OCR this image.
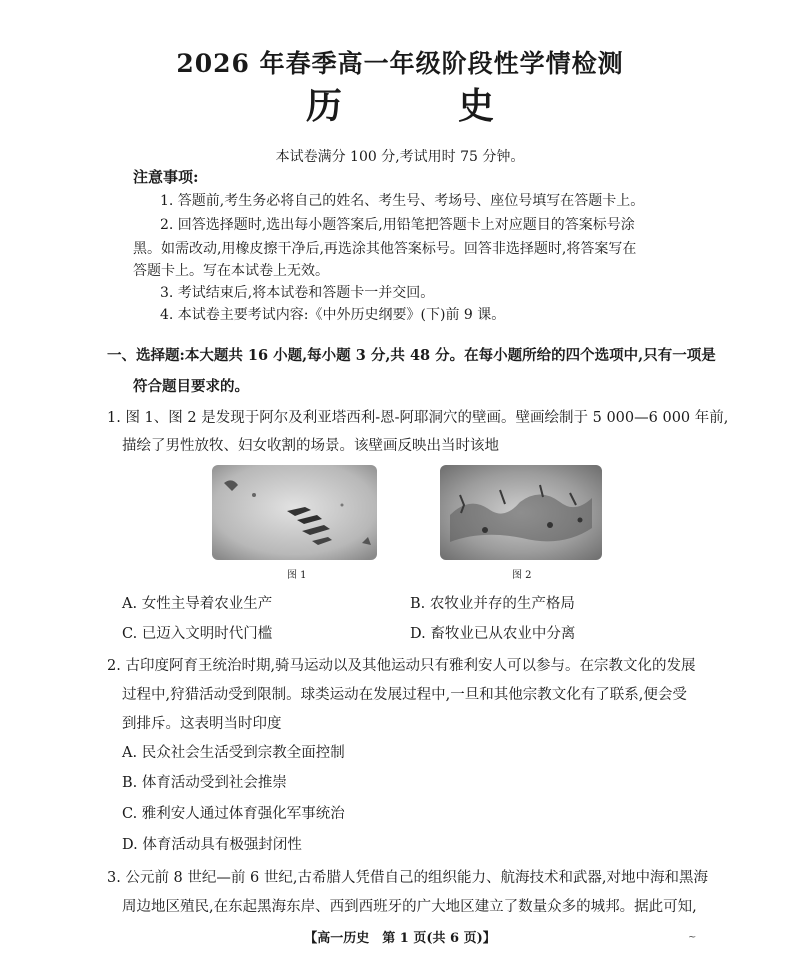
2026 年春季高一年级阶段性学情检测
历　史
本试卷满分 100 分,考试用时 75 分钟。
注意事项:
1. 答题前,考生务必将自己的姓名、考生号、考场号、座位号填写在答题卡上。
2. 回答选择题时,选出每小题答案后,用铅笔把答题卡上对应题目的答案标号涂
黑。如需改动,用橡皮擦干净后,再选涂其他答案标号。回答非选择题时,将答案写在
答题卡上。写在本试卷上无效。
3. 考试结束后,将本试卷和答题卡一并交回。
4. 本试卷主要考试内容:《中外历史纲要》(下)前 9 课。
一、选择题:本大题共 16 小题,每小题 3 分,共 48 分。在每小题所给的四个选项中,只有一项是
符合题目要求的。
1. 图 1、图 2 是发现于阿尔及利亚塔西利-恩-阿耶洞穴的壁画。壁画绘制于 5 000—6 000 年前,
描绘了男性放牧、妇女收割的场景。该壁画反映出当时该地
图 1	图 2
A. 女性主导着农业生产	B. 农牧业并存的生产格局
C. 已迈入文明时代门槛	D. 畜牧业已从农业中分离
2. 古印度阿育王统治时期,骑马运动以及其他运动只有雅利安人可以参与。在宗教文化的发展
过程中,狩猎活动受到限制。球类运动在发展过程中,一旦和其他宗教文化有了联系,便会受
到排斥。这表明当时印度
A. 民众社会生活受到宗教全面控制
B. 体育活动受到社会推崇
C. 雅利安人通过体育强化军事统治
D. 体育活动具有极强封闭性
3. 公元前 8 世纪—前 6 世纪,古希腊人凭借自己的组织能力、航海技术和武器,对地中海和黑海
周边地区殖民,在东起黑海东岸、西到西班牙的广大地区建立了数量众多的城邦。据此可知,
【高一历史　第 1 页(共 6 页)】	~
